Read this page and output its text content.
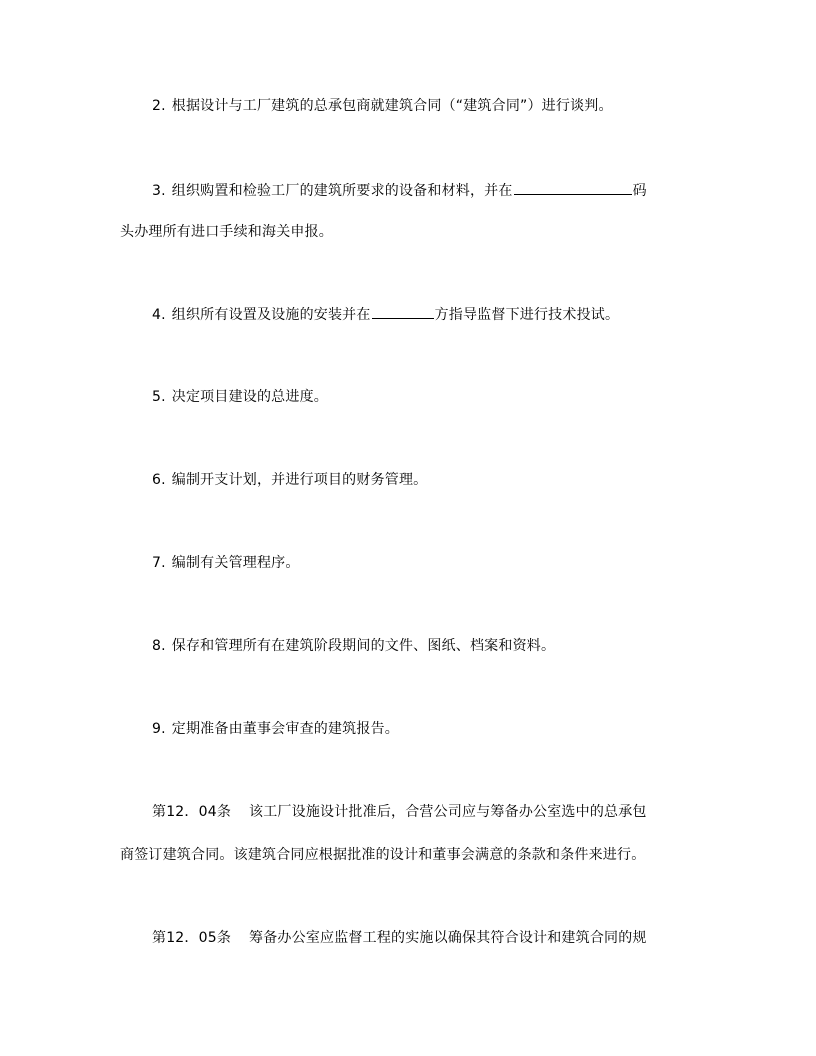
2. 根据设计与工厂建筑的总承包商就建筑合同（“建筑合同”）进行谈判。
3. 组织购置和检验工厂的建筑所要求的设备和材料，并在	码
头办理所有进口手续和海关申报。
4. 组织所有设置及设施的安装并在	方指导监督下进行技术投试。
5. 决定项目建设的总进度。
6. 编制开支计划，并进行项目的财务管理。
7. 编制有关管理程序。
8. 保存和管理所有在建筑阶段期间的文件、图纸、档案和资料。
9. 定期准备由董事会审查的建筑报告。
第12．04条 该工厂设施设计批准后，合营公司应与筹备办公室选中的总承包
商签订建筑合同。该建筑合同应根据批准的设计和董事会满意的条款和条件来进行。
第12．05条 筹备办公室应监督工程的实施以确保其符合设计和建筑合同的规
